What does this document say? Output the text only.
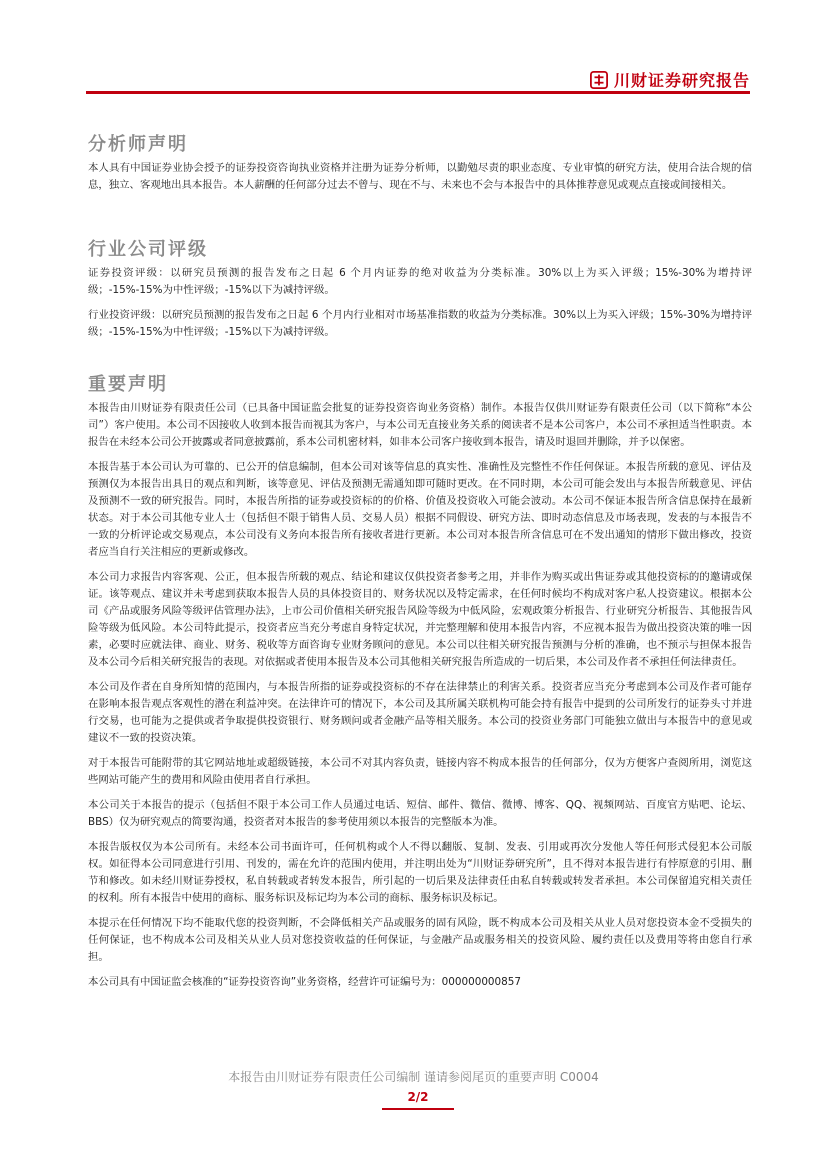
川财证券研究报告
分析师声明

本人具有中国证券业协会授予的证券投资咨询执业资格并注册为证券分析师，以勤勉尽责的职业态度、专业审慎的研究方法，使用合法合规的信息，独立、客观地出具本报告。本人薪酬的任何部分过去不曾与、现在不与、未来也不会与本报告中的具体推荐意见或观点直接或间接相关。

行业公司评级

证券投资评级：以研究员预测的报告发布之日起 6 个月内证券的绝对收益为分类标准。30%以上为买入评级；15%-30%为增持评级；-15%-15%为中性评级；-15%以下为减持评级。

行业投资评级：以研究员预测的报告发布之日起 6 个月内行业相对市场基准指数的收益为分类标准。30%以上为买入评级；15%-30%为增持评级；-15%-15%为中性评级；-15%以下为减持评级。

重要声明

本报告由川财证券有限责任公司（已具备中国证监会批复的证券投资咨询业务资格）制作。本报告仅供川财证券有限责任公司（以下简称“本公司”）客户使用。本公司不因接收人收到本报告而视其为客户，与本公司无直接业务关系的阅读者不是本公司客户，本公司不承担适当性职责。本报告在未经本公司公开披露或者同意披露前，系本公司机密材料，如非本公司客户接收到本报告，请及时退回并删除，并予以保密。

本报告基于本公司认为可靠的、已公开的信息编制，但本公司对该等信息的真实性、准确性及完整性不作任何保证。本报告所载的意见、评估及预测仅为本报告出具日的观点和判断，该等意见、评估及预测无需通知即可随时更改。在不同时期，本公司可能会发出与本报告所载意见、评估及预测不一致的研究报告。同时，本报告所指的证券或投资标的的价格、价值及投资收入可能会波动。本公司不保证本报告所含信息保持在最新状态。对于本公司其他专业人士（包括但不限于销售人员、交易人员）根据不同假设、研究方法、即时动态信息及市场表现，发表的与本报告不一致的分析评论或交易观点，本公司没有义务向本报告所有接收者进行更新。本公司对本报告所含信息可在不发出通知的情形下做出修改，投资者应当自行关注相应的更新或修改。

本公司力求报告内容客观、公正，但本报告所载的观点、结论和建议仅供投资者参考之用，并非作为购买或出售证券或其他投资标的的邀请或保证。该等观点、建议并未考虑到获取本报告人员的具体投资目的、财务状况以及特定需求，在任何时候均不构成对客户私人投资建议。根据本公司《产品或服务风险等级评估管理办法》，上市公司价值相关研究报告风险等级为中低风险，宏观政策分析报告、行业研究分析报告、其他报告风险等级为低风险。本公司特此提示，投资者应当充分考虑自身特定状况，并完整理解和使用本报告内容，不应视本报告为做出投资决策的唯一因素，必要时应就法律、商业、财务、税收等方面咨询专业财务顾问的意见。本公司以往相关研究报告预测与分析的准确，也不预示与担保本报告及本公司今后相关研究报告的表现。对依据或者使用本报告及本公司其他相关研究报告所造成的一切后果，本公司及作者不承担任何法律责任。

本公司及作者在自身所知情的范围内，与本报告所指的证券或投资标的不存在法律禁止的利害关系。投资者应当充分考虑到本公司及作者可能存在影响本报告观点客观性的潜在利益冲突。在法律许可的情况下，本公司及其所属关联机构可能会持有报告中提到的公司所发行的证券头寸并进行交易，也可能为之提供或者争取提供投资银行、财务顾问或者金融产品等相关服务。本公司的投资业务部门可能独立做出与本报告中的意见或建议不一致的投资决策。

对于本报告可能附带的其它网站地址或超级链接，本公司不对其内容负责，链接内容不构成本报告的任何部分，仅为方便客户查阅所用，浏览这些网站可能产生的费用和风险由使用者自行承担。

本公司关于本报告的提示（包括但不限于本公司工作人员通过电话、短信、邮件、微信、微博、博客、QQ、视频网站、百度官方贴吧、论坛、BBS）仅为研究观点的简要沟通，投资者对本报告的参考使用须以本报告的完整版本为准。

本报告版权仅为本公司所有。未经本公司书面许可，任何机构或个人不得以翻版、复制、发表、引用或再次分发他人等任何形式侵犯本公司版权。如征得本公司同意进行引用、刊发的，需在允许的范围内使用，并注明出处为“川财证券研究所”，且不得对本报告进行有悖原意的引用、删节和修改。如未经川财证券授权，私自转载或者转发本报告，所引起的一切后果及法律责任由私自转载或转发者承担。本公司保留追究相关责任的权利。所有本报告中使用的商标、服务标识及标记均为本公司的商标、服务标识及标记。

本提示在任何情况下均不能取代您的投资判断，不会降低相关产品或服务的固有风险，既不构成本公司及相关从业人员对您投资本金不受损失的任何保证，也不构成本公司及相关从业人员对您投资收益的任何保证，与金融产品或服务相关的投资风险、履约责任以及费用等将由您自行承担。

本公司具有中国证监会核准的“证券投资咨询”业务资格，经营许可证编号为：000000000857

本报告由川财证券有限责任公司编制 谨请参阅尾页的重要声明 C0004
2/2
